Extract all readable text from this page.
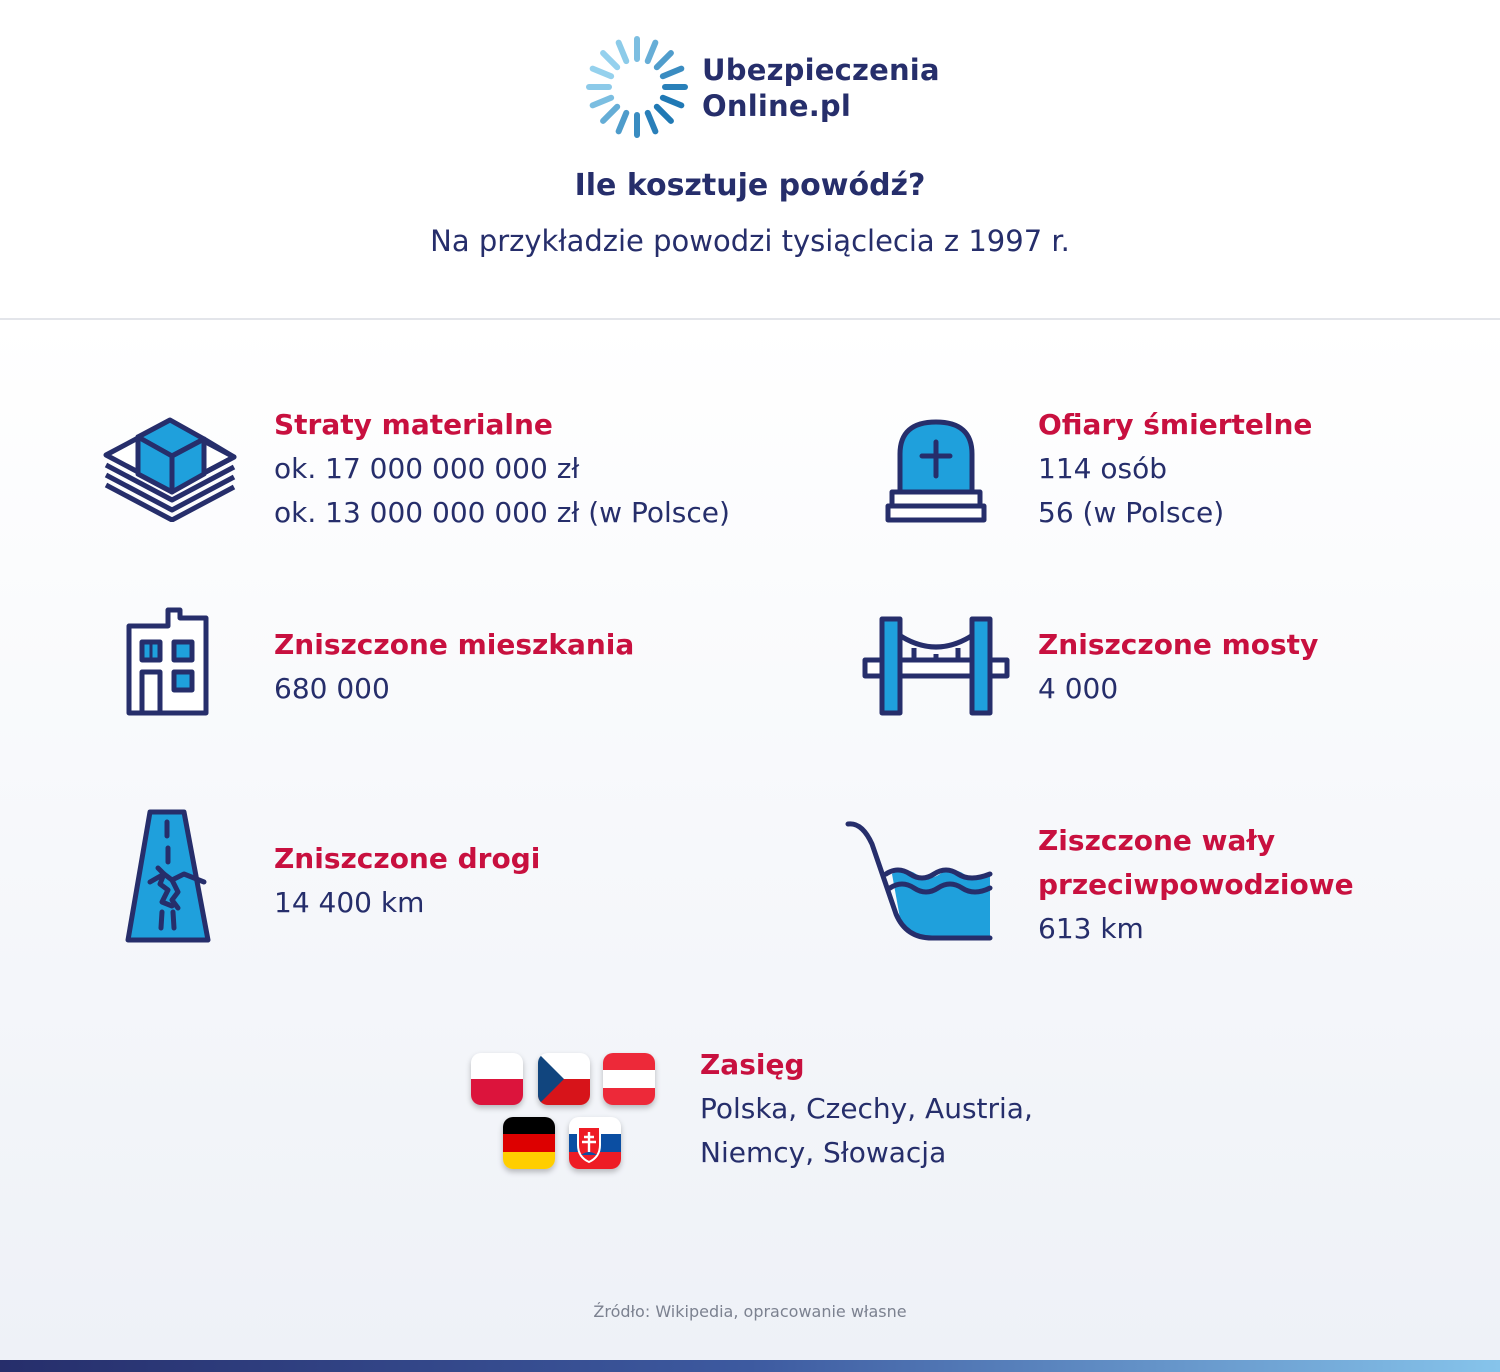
Ubezpieczenia
Online.pl
Ile kosztuje powódź?
Na przykładzie powodzi tysiąclecia z 1997 r.
Straty materialne
ok. 17 000 000 000 zł
ok. 13 000 000 000 zł (w Polsce)
Ofiary śmiertelne
114 osób
56 (w Polsce)
Zniszczone mieszkania
680 000
Zniszczone mosty
4 000
Zniszczone drogi
14 400 km
Ziszczone wały
przeciwpowodziowe
613 km
Zasięg
Polska, Czechy, Austria,
Niemcy, Słowacja
Źródło: Wikipedia, opracowanie własne
